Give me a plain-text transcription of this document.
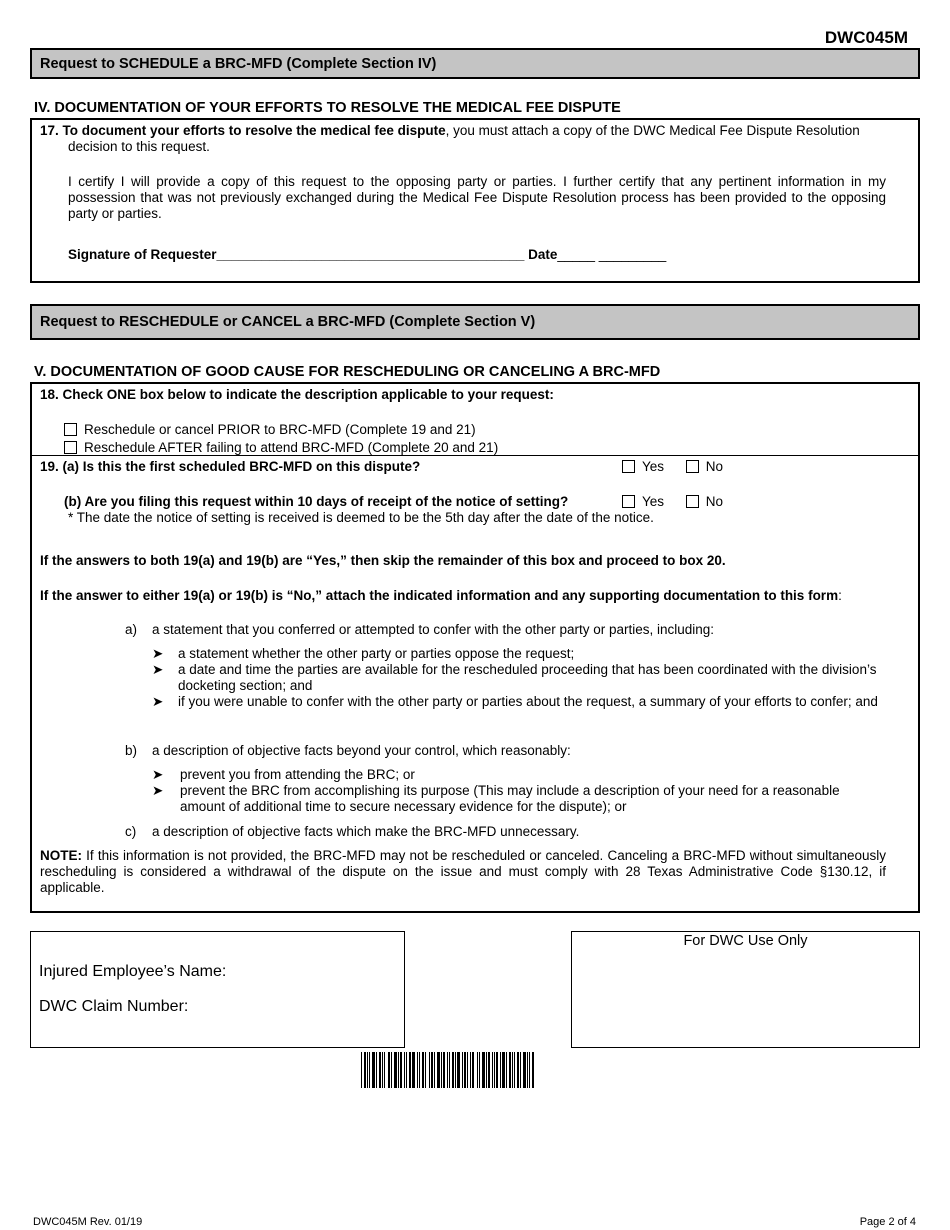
DWC045M
Request to SCHEDULE a BRC-MFD (Complete Section IV)
IV. DOCUMENTATION OF YOUR EFFORTS TO RESOLVE THE MEDICAL FEE DISPUTE
17. To document your efforts to resolve the medical fee dispute, you must attach a copy of the DWC Medical Fee Dispute Resolution
decision to this request.
I certify I will provide a copy of this request to the opposing party or parties. I further certify that any pertinent information in my possession that was not previously exchanged during the Medical Fee Dispute Resolution process has been provided to the opposing party or parties.
Signature of Requester_________________________________________ Date_____ _________
Request to RESCHEDULE or CANCEL a BRC-MFD (Complete Section V)
V. DOCUMENTATION OF GOOD CAUSE FOR RESCHEDULING OR CANCELING A BRC-MFD
18. Check ONE box below to indicate the description applicable to your request:
Reschedule or cancel PRIOR to BRC-MFD (Complete 19 and 21)
Reschedule AFTER failing to attend BRC-MFD (Complete 20 and 21)
19. (a) Is this the first scheduled BRC-MFD on this dispute?	Yes	No
(b) Are you filing this request within 10 days of receipt of the notice of setting?	Yes	No
* The date the notice of setting is received is deemed to be the 5th day after the date of the notice.
If the answers to both 19(a) and 19(b) are “Yes,” then skip the remainder of this box and proceed to box 20.
If the answer to either 19(a) or 19(b) is “No,” attach the indicated information and any supporting documentation to this form:
a) a statement that you conferred or attempted to confer with the other party or parties, including:
➤ a statement whether the other party or parties oppose the request;
➤ a date and time the parties are available for the rescheduled proceeding that has been coordinated with the division’s docketing section; and
➤ if you were unable to confer with the other party or parties about the request, a summary of your efforts to confer; and
b) a description of objective facts beyond your control, which reasonably:
➤ prevent you from attending the BRC; or
➤ prevent the BRC from accomplishing its purpose (This may include a description of your need for a reasonable amount of additional time to secure necessary evidence for the dispute); or
c) a description of objective facts which make the BRC-MFD unnecessary.
NOTE: If this information is not provided, the BRC-MFD may not be rescheduled or canceled. Canceling a BRC-MFD without simultaneously rescheduling is considered a withdrawal of the dispute on the issue and must comply with 28 Texas Administrative Code §130.12, if applicable.
Injured Employee’s Name:
DWC Claim Number:
For DWC Use Only
DWC045M Rev. 01/19	Page 2 of 4
